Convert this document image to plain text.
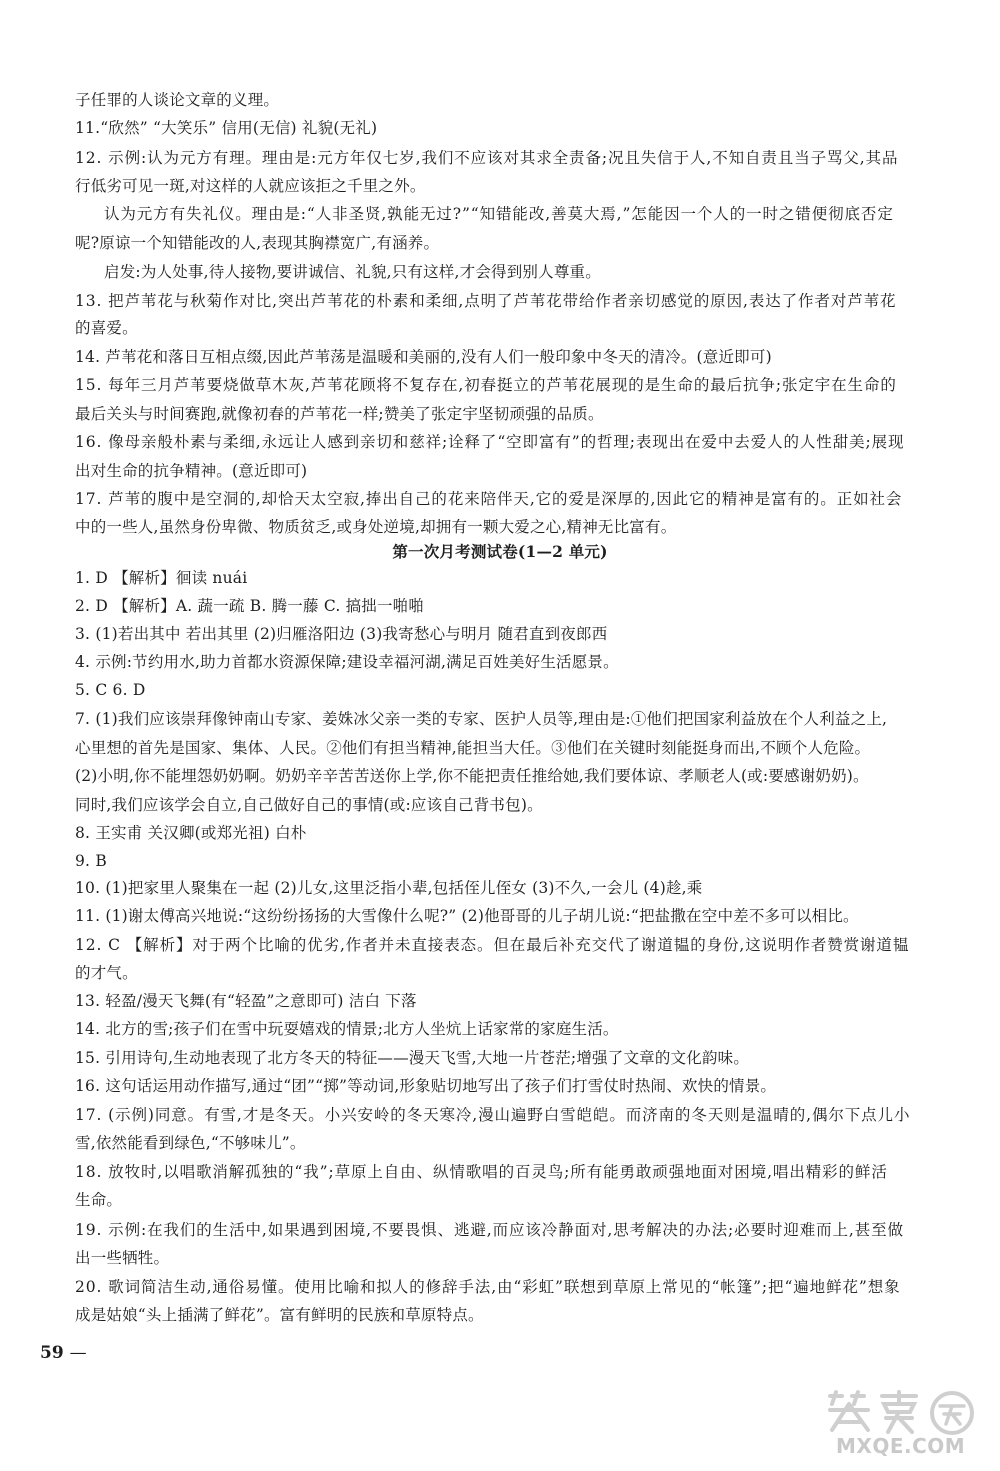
子任罪的人谈论文章的义理。
11.“欣然” “大笑乐” 信用(无信) 礼貌(无礼)
12. 示例:认为元方有理。理由是:元方年仅七岁,我们不应该对其求全责备;况且失信于人,不知自责且当子骂父,其品
行低劣可见一斑,对这样的人就应该拒之千里之外。
认为元方有失礼仪。理由是:“人非圣贤,孰能无过?”“知错能改,善莫大焉,”怎能因一个人的一时之错便彻底否定
呢?原谅一个知错能改的人,表现其胸襟宽广,有涵养。
启发:为人处事,待人接物,要讲诚信、礼貌,只有这样,才会得到别人尊重。
13. 把芦苇花与秋菊作对比,突出芦苇花的朴素和柔细,点明了芦苇花带给作者亲切感觉的原因,表达了作者对芦苇花
的喜爱。
14. 芦苇花和落日互相点缀,因此芦苇荡是温暖和美丽的,没有人们一般印象中冬天的清冷。(意近即可)
15. 每年三月芦苇要烧做草木灰,芦苇花顾将不复存在,初春挺立的芦苇花展现的是生命的最后抗争;张定宇在生命的
最后关头与时间赛跑,就像初春的芦苇花一样;赞美了张定宇坚韧顽强的品质。
16. 像母亲般朴素与柔细,永远让人感到亲切和慈祥;诠释了“空即富有”的哲理;表现出在爱中去爱人的人性甜美;展现
出对生命的抗争精神。(意近即可)
17. 芦苇的腹中是空洞的,却恰天太空寂,捧出自己的花来陪伴天,它的爱是深厚的,因此它的精神是富有的。正如社会
中的一些人,虽然身份卑微、物质贫乏,或身处逆境,却拥有一颗大爱之心,精神无比富有。
第一次月考测试卷(1—2 单元)
1. D 【解析】徊读 nuái
2. D 【解析】A. 蔬一疏 B. 腾一藤 C. 搞拙一啪啪
3. (1)若出其中 若出其里 (2)归雁洛阳边 (3)我寄愁心与明月 随君直到夜郎西
4. 示例:节约用水,助力首都水资源保障;建设幸福河湖,满足百姓美好生活愿景。
5. C 6. D
7. (1)我们应该崇拜像钟南山专家、姜姝冰父亲一类的专家、医护人员等,理由是:①他们把国家利益放在个人利益之上,
心里想的首先是国家、集体、人民。②他们有担当精神,能担当大任。③他们在关键时刻能挺身而出,不顾个人危险。
(2)小明,你不能埋怨奶奶啊。奶奶辛辛苦苦送你上学,你不能把责任推给她,我们要体谅、孝顺老人(或:要感谢奶奶)。
同时,我们应该学会自立,自己做好自己的事情(或:应该自己背书包)。
8. 王实甫 关汉卿(或郑光祖) 白朴
9. B
10. (1)把家里人聚集在一起 (2)儿女,这里泛指小辈,包括侄儿侄女 (3)不久,一会儿 (4)趁,乘
11. (1)谢太傅高兴地说:“这纷纷扬扬的大雪像什么呢?” (2)他哥哥的儿子胡儿说:“把盐撒在空中差不多可以相比。
12. C 【解析】对于两个比喻的优劣,作者并未直接表态。但在最后补充交代了谢道韫的身份,这说明作者赞赏谢道韫
的才气。
13. 轻盈/漫天飞舞(有“轻盈”之意即可) 洁白 下落
14. 北方的雪;孩子们在雪中玩耍嬉戏的情景;北方人坐炕上话家常的家庭生活。
15. 引用诗句,生动地表现了北方冬天的特征——漫天飞雪,大地一片苍茫;增强了文章的文化韵味。
16. 这句话运用动作描写,通过“团”“掷”等动词,形象贴切地写出了孩子们打雪仗时热闹、欢快的情景。
17. (示例)同意。有雪,才是冬天。小兴安岭的冬天寒冷,漫山遍野白雪皑皑。而济南的冬天则是温晴的,偶尔下点儿小
雪,依然能看到绿色,“不够味儿”。
18. 放牧时,以唱歌消解孤独的“我”;草原上自由、纵情歌唱的百灵鸟;所有能勇敢顽强地面对困境,唱出精彩的鲜活
生命。
19. 示例:在我们的生活中,如果遇到困境,不要畏惧、逃避,而应该冷静面对,思考解决的办法;必要时迎难而上,甚至做
出一些牺牲。
20. 歌词简洁生动,通俗易懂。使用比喻和拟人的修辞手法,由“彩虹”联想到草原上常见的“帐篷”;把“遍地鲜花”想象
成是姑娘“头上插满了鲜花”。富有鲜明的民族和草原特点。
59 —
MXQE.COM
